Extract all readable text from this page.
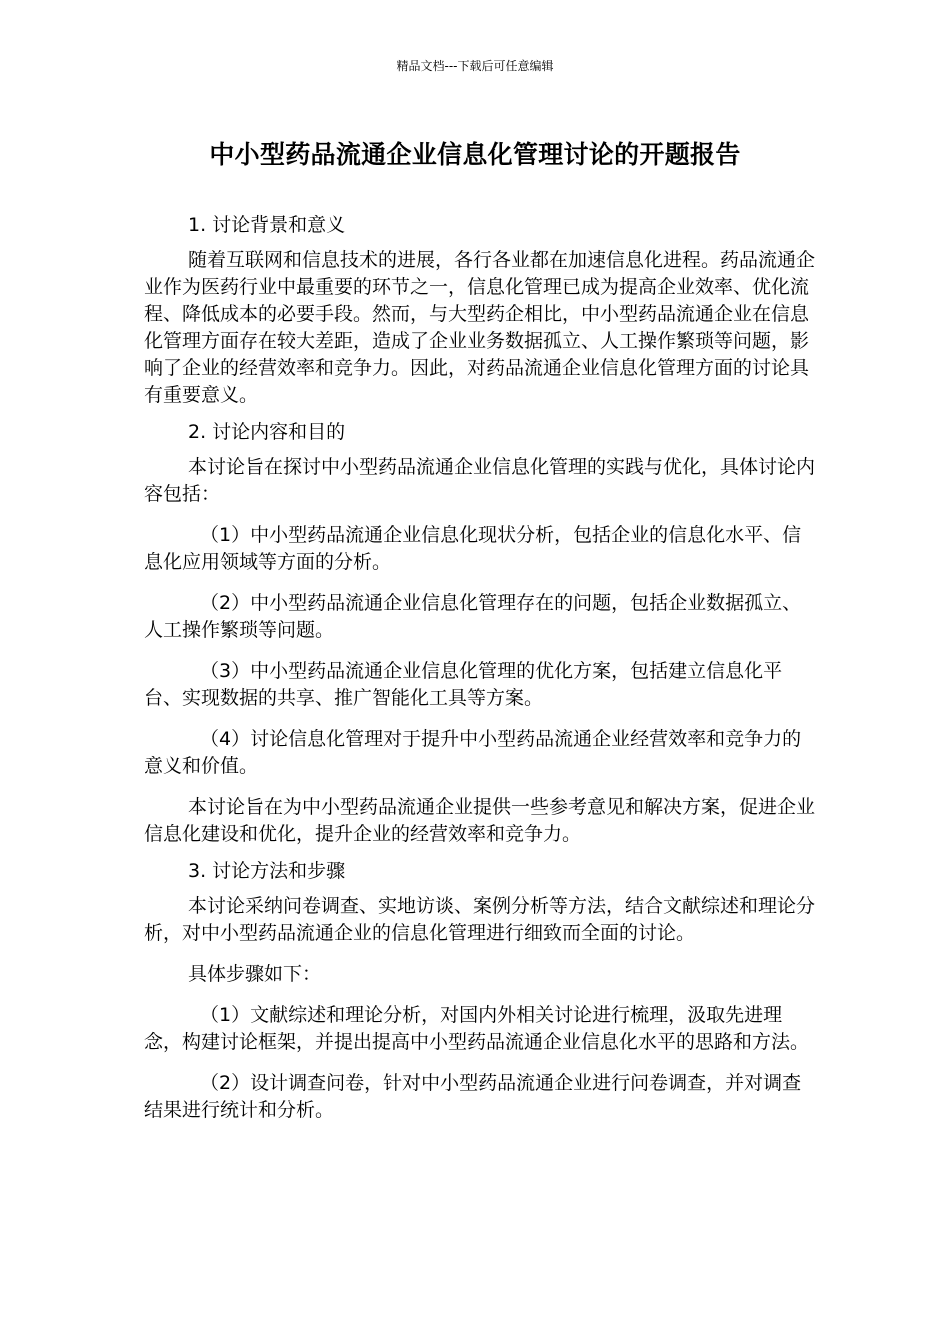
精品文档---下载后可任意编辑
中小型药品流通企业信息化管理讨论的开题报告

1. 讨论背景和意义

随着互联网和信息技术的进展，各行各业都在加速信息化进程。药品流通企业作为医药行业中最重要的环节之一，信息化管理已成为提高企业效率、优化流程、降低成本的必要手段。然而，与大型药企相比，中小型药品流通企业在信息化管理方面存在较大差距，造成了企业业务数据孤立、人工操作繁琐等问题，影响了企业的经营效率和竞争力。因此，对药品流通企业信息化管理方面的讨论具有重要意义。

2. 讨论内容和目的

本讨论旨在探讨中小型药品流通企业信息化管理的实践与优化，具体讨论内容包括：

（1）中小型药品流通企业信息化现状分析，包括企业的信息化水平、信息化应用领域等方面的分析。

（2）中小型药品流通企业信息化管理存在的问题，包括企业数据孤立、人工操作繁琐等问题。

（3）中小型药品流通企业信息化管理的优化方案，包括建立信息化平台、实现数据的共享、推广智能化工具等方案。

（4）讨论信息化管理对于提升中小型药品流通企业经营效率和竞争力的意义和价值。

本讨论旨在为中小型药品流通企业提供一些参考意见和解决方案，促进企业信息化建设和优化，提升企业的经营效率和竞争力。

3. 讨论方法和步骤

本讨论采纳问卷调查、实地访谈、案例分析等方法，结合文献综述和理论分析，对中小型药品流通企业的信息化管理进行细致而全面的讨论。

具体步骤如下：

（1）文献综述和理论分析，对国内外相关讨论进行梳理，汲取先进理念，构建讨论框架，并提出提高中小型药品流通企业信息化水平的思路和方法。

（2）设计调查问卷，针对中小型药品流通企业进行问卷调查，并对调查结果进行统计和分析。
